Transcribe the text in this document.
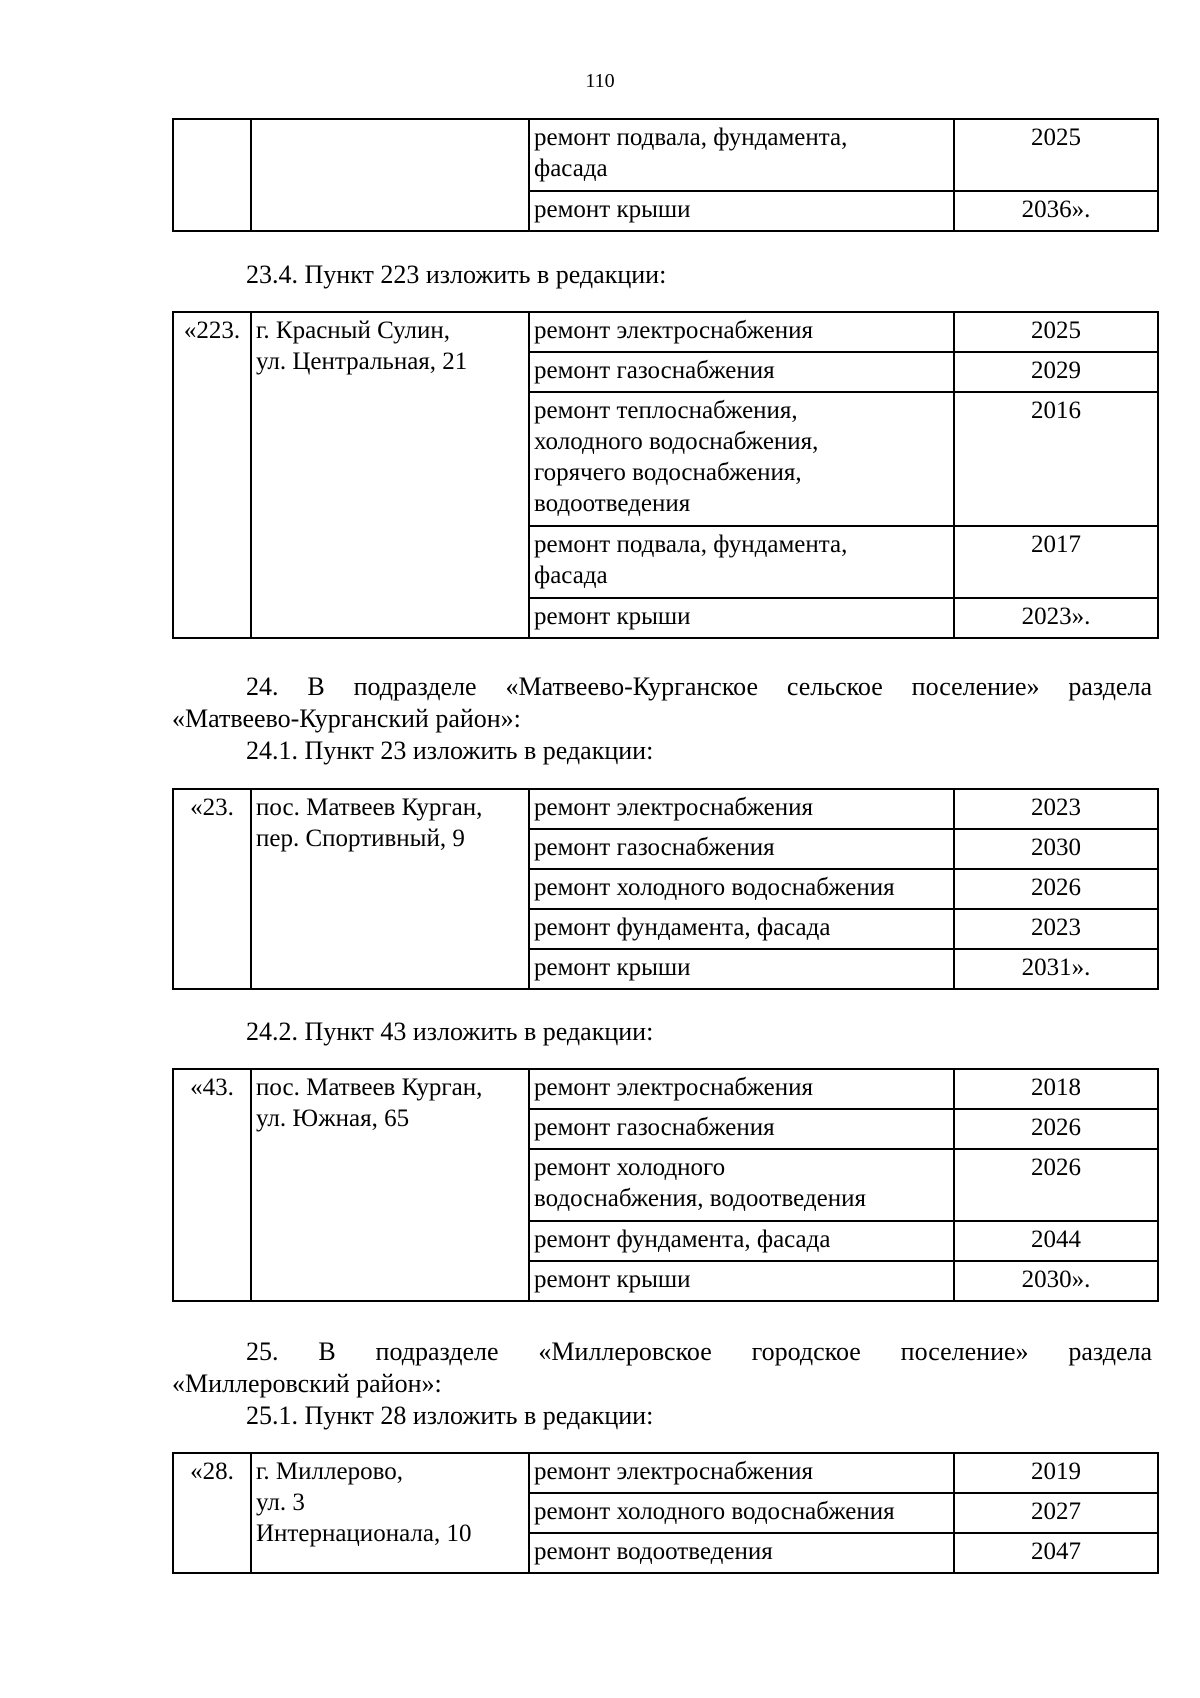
110

		ремонт подвала, фундамента,
фасада	2025

		ремонт крыши	2036».

23.4. Пункт 223 изложить в редакции:

«223.	г. Красный Сулин,
ул. Центральная, 21	ремонт электроснабжения	2025

		ремонт газоснабжения	2029

		ремонт теплоснабжения,
холодного водоснабжения,
горячего водоснабжения,
водоотведения	2016

		ремонт подвала, фундамента,
фасада	2017

		ремонт крыши	2023».

24. В подразделе «Матвеево-Курганское сельское поселение» раздела

«Матвеево-Курганский район»:

24.1. Пункт 23 изложить в редакции:

«23.	пос. Матвеев Курган,
пер. Спортивный, 9	ремонт электроснабжения	2023

		ремонт газоснабжения	2030

		ремонт холодного водоснабжения	2026

		ремонт фундамента, фасада	2023

		ремонт крыши	2031».

24.2. Пункт 43 изложить в редакции:

«43.	пос. Матвеев Курган,
ул. Южная, 65	ремонт электроснабжения	2018

		ремонт газоснабжения	2026

		ремонт холодного
водоснабжения, водоотведения	2026

		ремонт фундамента, фасада	2044

		ремонт крыши	2030».

25. В подразделе «Миллеровское городское поселение» раздела

«Миллеровский район»:

25.1. Пункт 28 изложить в редакции:

«28.	г. Миллерово,
ул. 3
Интернационала, 10	ремонт электроснабжения	2019

		ремонт холодного водоснабжения	2027

		ремонт водоотведения	2047
